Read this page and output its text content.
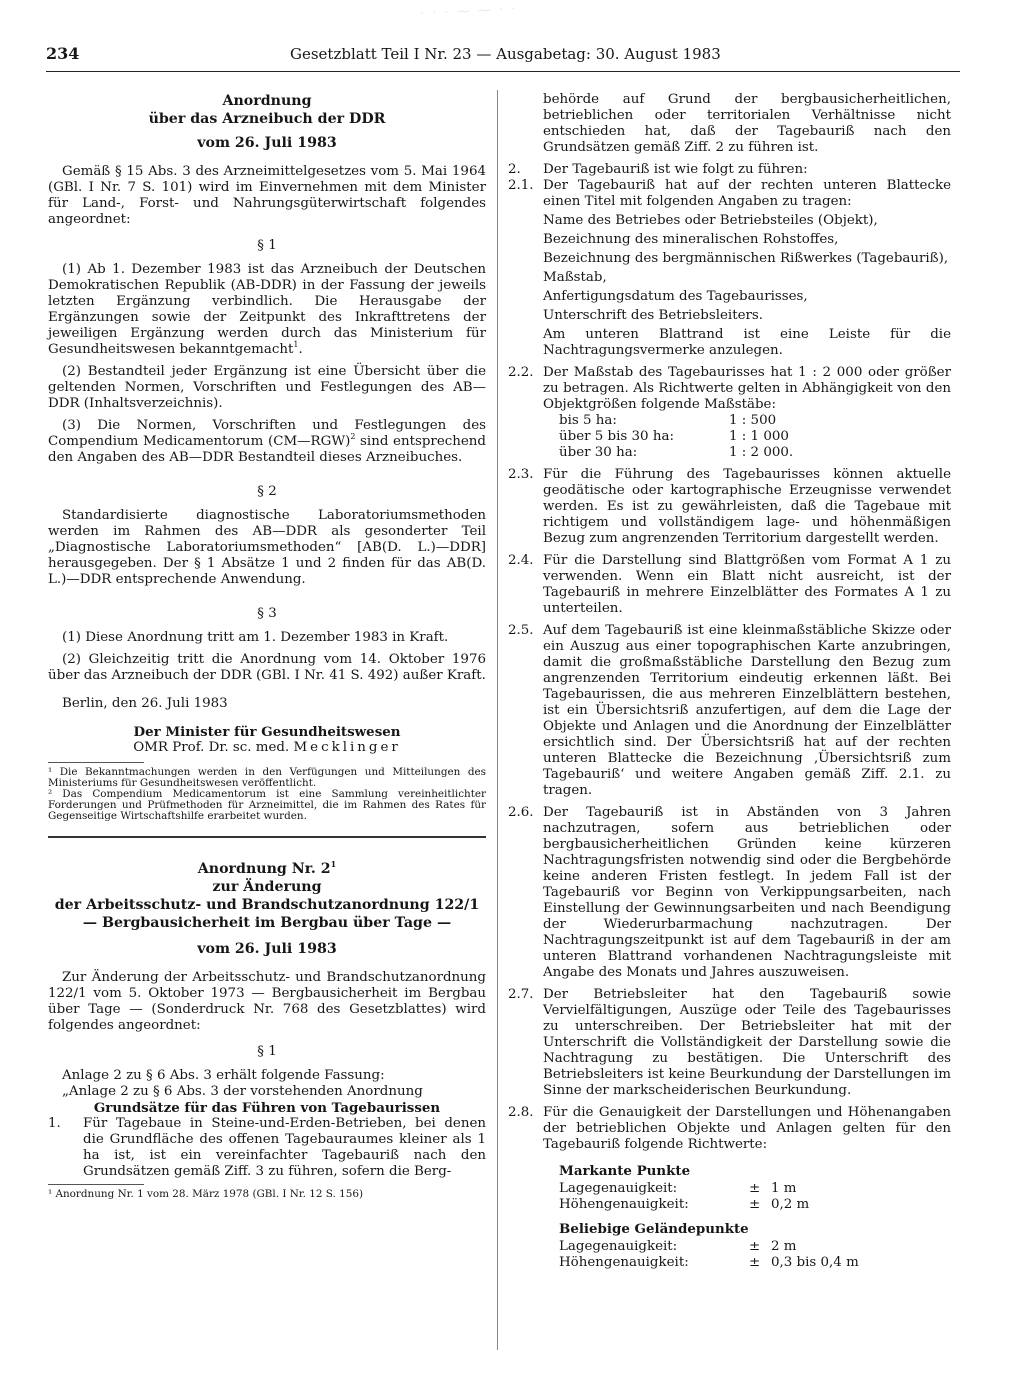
· · · ⁓ ⁓ · ·
234	Gesetzblatt Teil I Nr. 23 — Ausgabetag: 30. August 1983
Anordnung
über das Arzneibuch der DDR
vom 26. Juli 1983

Gemäß § 15 Abs. 3 des Arzneimittelgesetzes vom 5. Mai 1964 (GBl. I Nr. 7 S. 101) wird im Einvernehmen mit dem Minister für Land-, Forst- und Nahrungsgüterwirtschaft folgendes angeordnet:

§ 1

(1) Ab 1. Dezember 1983 ist das Arzneibuch der Deutschen Demokratischen Republik (AB-DDR) in der Fassung der jeweils letzten Ergänzung verbindlich. Die Herausgabe der Ergänzungen sowie der Zeitpunkt des Inkrafttretens der jeweiligen Ergänzung werden durch das Ministerium für Gesundheitswesen bekanntgemacht$^1$.

(2) Bestandteil jeder Ergänzung ist eine Übersicht über die geltenden Normen, Vorschriften und Festlegungen des AB—DDR (Inhaltsverzeichnis).

(3) Die Normen, Vorschriften und Festlegungen des Compendium Medicamentorum (CM—RGW)$^2$ sind entsprechend den Angaben des AB—DDR Bestandteil dieses Arzneibuches.

§ 2

Standardisierte diagnostische Laboratoriumsmethoden werden im Rahmen des AB—DDR als gesonderter Teil „Diagnostische Laboratoriumsmethoden“ [AB(D. L.)—DDR] herausgegeben. Der § 1 Absätze 1 und 2 finden für das AB(D. L.)—DDR entsprechende Anwendung.

§ 3

(1) Diese Anordnung tritt am 1. Dezember 1983 in Kraft.

(2) Gleichzeitig tritt die Anordnung vom 14. Oktober 1976 über das Arzneibuch der DDR (GBl. I Nr. 41 S. 492) außer Kraft.

Berlin, den 26. Juli 1983

Der Minister für Gesundheitswesen

OMR Prof. Dr. sc. med. Mecklinger

¹ Die Bekanntmachungen werden in den Verfügungen und Mitteilungen des Ministeriums für Gesundheitswesen veröffentlicht.

² Das Compendium Medicamentorum ist eine Sammlung vereinheitlichter Forderungen und Prüfmethoden für Arzneimittel, die im Rahmen des Rates für Gegenseitige Wirtschaftshilfe erarbeitet wurden.

Anordnung Nr. $2^1$
zur Änderung
der Arbeitsschutz- und Brandschutzanordnung 122/1
— Bergbausicherheit im Bergbau über Tage —
vom 26. Juli 1983

Zur Änderung der Arbeitsschutz- und Brandschutzanordnung 122/1 vom 5. Oktober 1973 — Bergbausicherheit im Bergbau über Tage — (Sonderdruck Nr. 768 des Gesetzblattes) wird folgendes angeordnet:

§ 1

Anlage 2 zu § 6 Abs. 3 erhält folgende Fassung:

„Anlage 2 zu § 6 Abs. 3 der vorstehenden Anordnung

Grundsätze für das Führen von Tagebaurissen

1.	Für Tagebaue in Steine-und-Erden-Betrieben, bei denen die Grundfläche des offenen Tagebauraumes kleiner als 1 ha ist, ist ein vereinfachter Tagebauriß nach den Grundsätzen gemäß Ziff. 3 zu führen, sofern die Berg-

¹ Anordnung Nr. 1 vom 28. März 1978 (GBl. I Nr. 12 S. 156)

behörde auf Grund der bergbausicherheitlichen, betrieblichen oder territorialen Verhältnisse nicht entschieden hat, daß der Tagebauriß nach den Grundsätzen gemäß Ziff. 2 zu führen ist.
2.	Der Tagebauriß ist wie folgt zu führen:
2.1. Der Tagebauriß hat auf der rechten unteren Blattecke einen Titel mit folgenden Angaben zu tragen:

Name des Betriebes oder Betriebsteiles (Objekt),

Bezeichnung des mineralischen Rohstoffes,

Bezeichnung des bergmännischen Rißwerkes (Tagebauriß),

Maßstab,

Anfertigungsdatum des Tagebaurisses,

Unterschrift des Betriebsleiters.

Am unteren Blattrand ist eine Leiste für die Nachtragungsvermerke anzulegen.

2.2. Der Maßstab des Tagebaurisses hat 1 : 2 000 oder größer zu betragen. Als Richtwerte gelten in Abhängigkeit von den Objektgrößen folgende Maßstäbe:

bis 5 ha:	1 : 500
über 5 bis 30 ha:	1 : 1 000
über 30 ha:	1 : 2 000.
2.3. Für die Führung des Tagebaurisses können aktuelle geodätische oder kartographische Erzeugnisse verwendet werden. Es ist zu gewährleisten, daß die Tagebaue mit richtigem und vollständigem lage- und höhenmäßigen Bezug zum angrenzenden Territorium dargestellt werden.
2.4. Für die Darstellung sind Blattgrößen vom Format A 1 zu verwenden. Wenn ein Blatt nicht ausreicht, ist der Tagebauriß in mehrere Einzelblätter des Formates A 1 zu unterteilen.
2.5. Auf dem Tagebauriß ist eine kleinmaßstäbliche Skizze oder ein Auszug aus einer topographischen Karte anzubringen, damit die großmaßstäbliche Darstellung den Bezug zum angrenzenden Territorium eindeutig erkennen läßt. Bei Tagebaurissen, die aus mehreren Einzelblättern bestehen, ist ein Übersichtsriß anzufertigen, auf dem die Lage der Objekte und Anlagen und die Anordnung der Einzelblätter ersichtlich sind. Der Übersichtsriß hat auf der rechten unteren Blattecke die Bezeichnung ‚Übersichtsriß zum Tagebauriß‘ und weitere Angaben gemäß Ziff. 2.1. zu tragen.
2.6. Der Tagebauriß ist in Abständen von 3 Jahren nachzutragen, sofern aus betrieblichen oder bergbausicherheitlichen Gründen keine kürzeren Nachtragungsfristen notwendig sind oder die Bergbehörde keine anderen Fristen festlegt. In jedem Fall ist der Tagebauriß vor Beginn von Verkippungsarbeiten, nach Einstellung der Gewinnungsarbeiten und nach Beendigung der Wiederurbarmachung nachzutragen. Der Nachtragungszeitpunkt ist auf dem Tagebauriß in der am unteren Blattrand vorhandenen Nachtragungsleiste mit Angabe des Monats und Jahres auszuweisen.
2.7. Der Betriebsleiter hat den Tagebauriß sowie Vervielfältigungen, Auszüge oder Teile des Tagebaurisses zu unterschreiben. Der Betriebsleiter hat mit der Unterschrift die Vollständigkeit der Darstellung sowie die Nachtragung zu bestätigen. Die Unterschrift des Betriebsleiters ist keine Beurkundung der Darstellungen im Sinne der markscheiderischen Beurkundung.
2.8. Für die Genauigkeit der Darstellungen und Höhenangaben der betrieblichen Objekte und Anlagen gelten für den Tagebauriß folgende Richtwerte:

Markante Punkte

Lagegenauigkeit:	±	1 m
Höhengenauigkeit:	±	0,2 m

Beliebige Geländepunkte

Lagegenauigkeit:	±	2 m
Höhengenauigkeit:	±	0,3 bis 0,4 m
